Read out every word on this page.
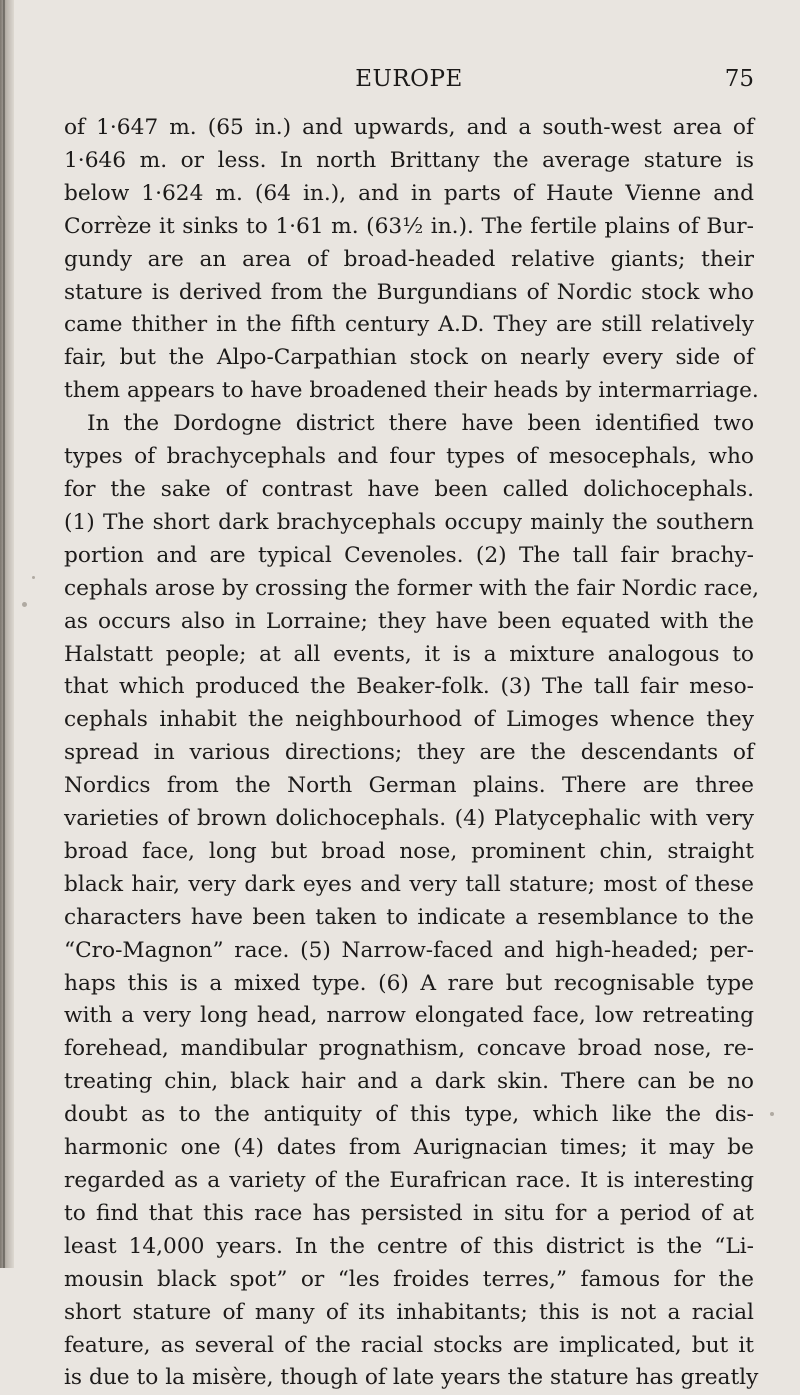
EUROPE	75
of 1·647 m. (65 in.) and upwards, and a south-west area of
1·646 m. or less. In north Brittany the average stature is
below 1·624 m. (64 in.), and in parts of Haute Vienne and
Corrèze it sinks to 1·61 m. (63½ in.). The fertile plains of Bur-
gundy are an area of broad-headed relative giants; their
stature is derived from the Burgundians of Nordic stock who
came thither in the fifth century A.D. They are still relatively
fair, but the Alpo-Carpathian stock on nearly every side of
them appears to have broadened their heads by intermarriage.
In the Dordogne district there have been identified two
types of brachycephals and four types of mesocephals, who
for the sake of contrast have been called dolichocephals.
(1) The short dark brachycephals occupy mainly the southern
portion and are typical Cevenoles. (2) The tall fair brachy-
cephals arose by crossing the former with the fair Nordic race,
as occurs also in Lorraine; they have been equated with the
Halstatt people; at all events, it is a mixture analogous to
that which produced the Beaker-folk. (3) The tall fair meso-
cephals inhabit the neighbourhood of Limoges whence they
spread in various directions; they are the descendants of
Nordics from the North German plains. There are three
varieties of brown dolichocephals. (4) Platycephalic with very
broad face, long but broad nose, prominent chin, straight
black hair, very dark eyes and very tall stature; most of these
characters have been taken to indicate a resemblance to the
“Cro-Magnon” race. (5) Narrow-faced and high-headed; per-
haps this is a mixed type. (6) A rare but recognisable type
with a very long head, narrow elongated face, low retreating
forehead, mandibular prognathism, concave broad nose, re-
treating chin, black hair and a dark skin. There can be no
doubt as to the antiquity of this type, which like the dis-
harmonic one (4) dates from Aurignacian times; it may be
regarded as a variety of the Eurafrican race. It is interesting
to find that this race has persisted in situ for a period of at
least 14,000 years. In the centre of this district is the “Li-
mousin black spot” or “les froides terres,” famous for the
short stature of many of its inhabitants; this is not a racial
feature, as several of the racial stocks are implicated, but it
is due to la misère, though of late years the stature has greatly
